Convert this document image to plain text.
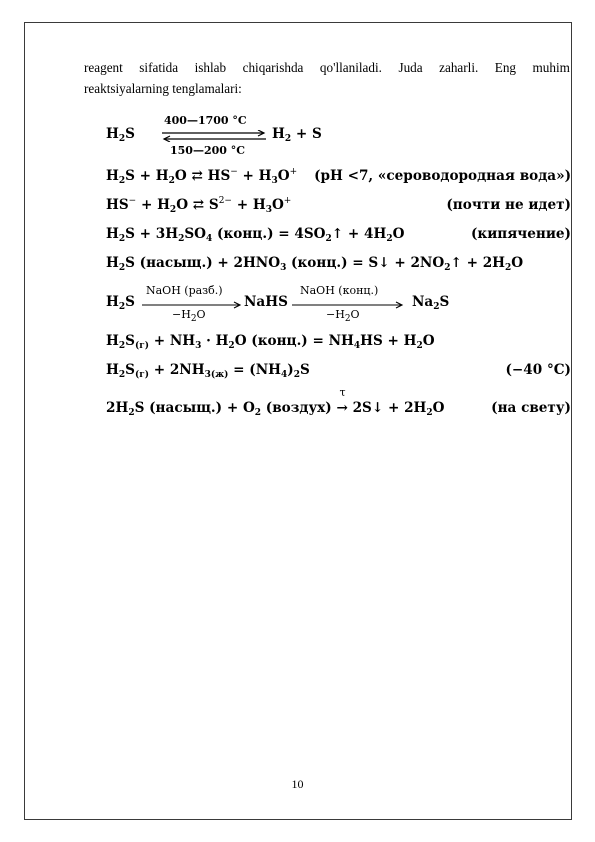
reagent sifatida ishlab chiqarishda qo'llaniladi. Juda zaharli. Eng muhim
reaktsiyalarning tenglamalari:
$H_2S$
400—1700 °C
150—200 °C
$H_2 + S$
$H_2S + H_2O$ ⇄ $HS^- + H_3O^+$ (pH <7, «сероводородная вода»)
$HS^- + H_2O$ ⇄ $S^{2-} + H_3O^+$	(почти не идет)
$H_2S + 3H_2SO_4$ (конц.) = $4SO_2↑ + 4H_2O$	(кипячение)
$H_2S$ (насыщ.) + $2HNO_3$ (конц.) = S↓ + $2NO_2↑ + 2H_2O$
$H_2S$
NaOH (разб.)
$-H_2O$
NaHS
NaOH (конц.)
$-H_2O$
$Na_2S$
$H_2S_{(г)} + NH_3 \cdot H_2O$ (конц.) = $NH_4HS + H_2O$
$H_2S_{(г)} + 2NH_{3(ж)} = (NH_4)_2S$	(−40 °C)
$2H_2S$ (насыщ.) + $O_2$ (воздух)
τ
→ 2S↓ + $2H_2O$	(на свету)
10
